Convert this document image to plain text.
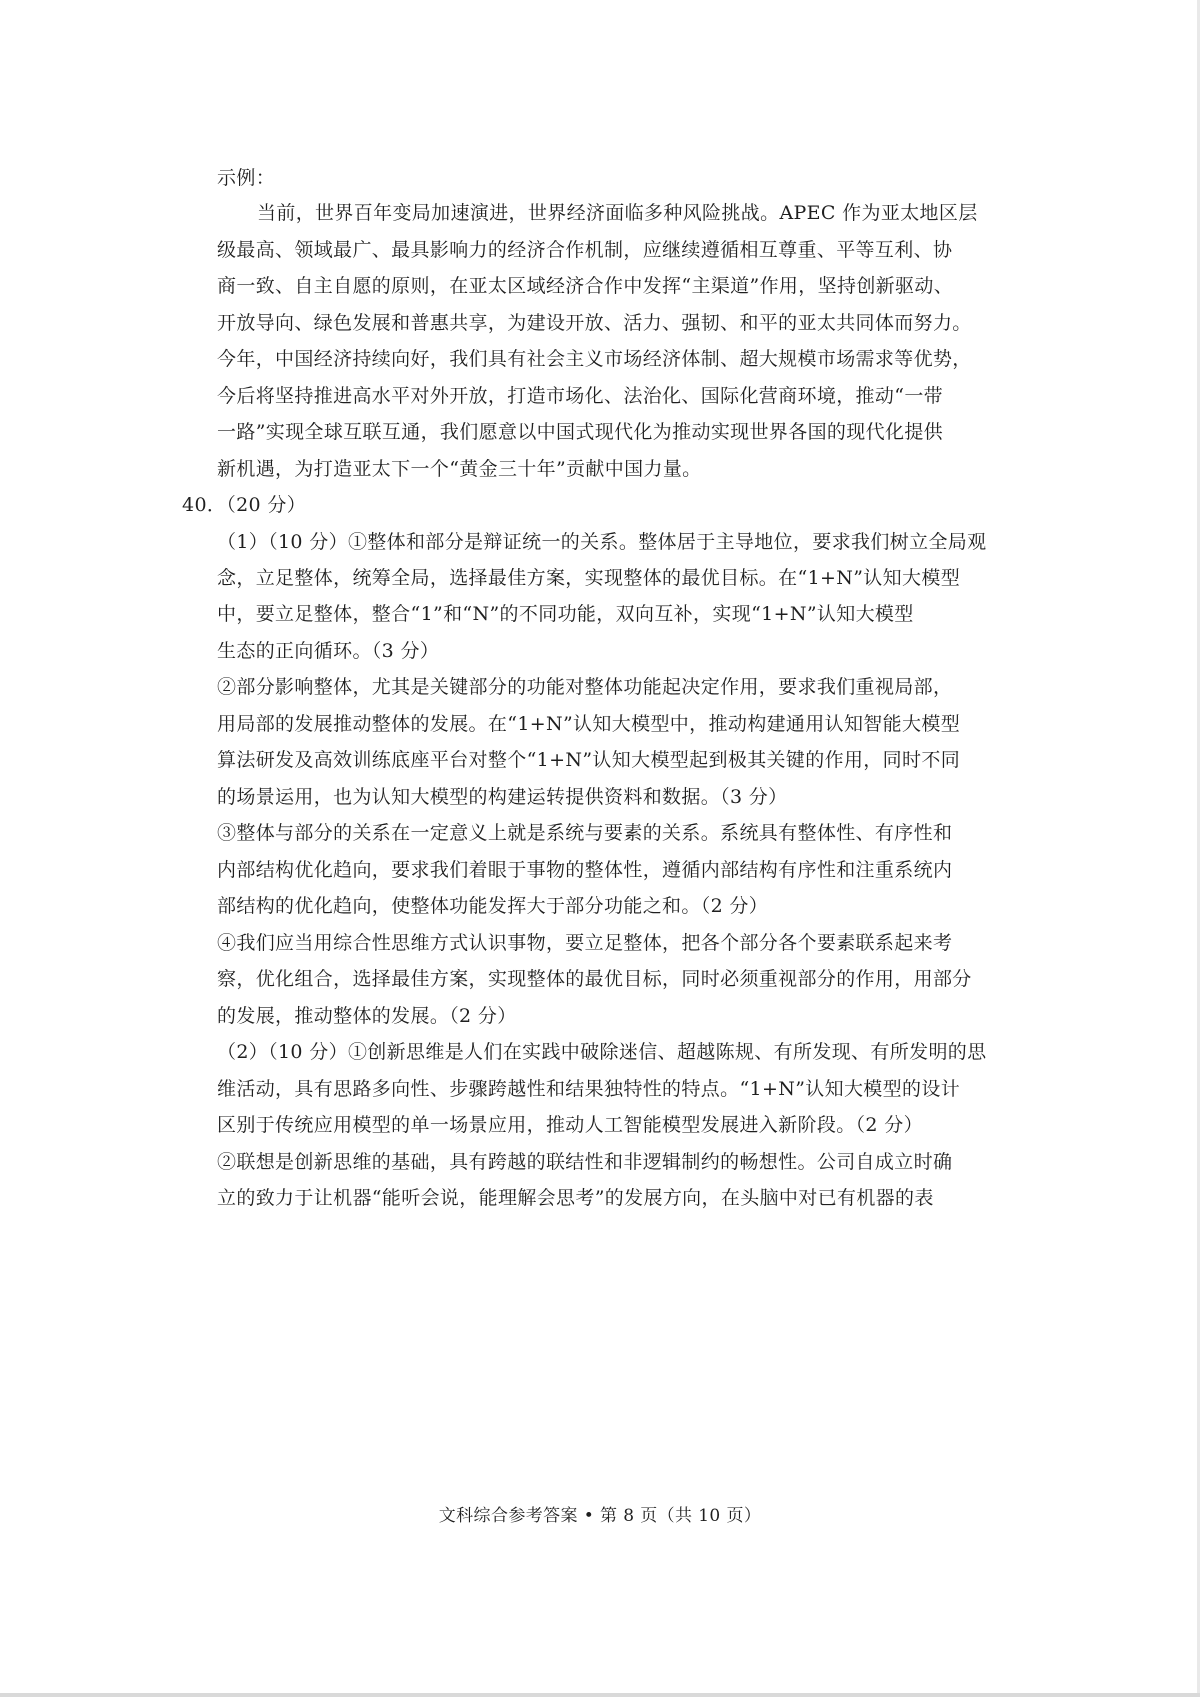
示例：
当前，世界百年变局加速演进，世界经济面临多种风险挑战。APEC 作为亚太地区层
级最高、领域最广、最具影响力的经济合作机制，应继续遵循相互尊重、平等互利、协
商一致、自主自愿的原则，在亚太区域经济合作中发挥“主渠道”作用，坚持创新驱动、
开放导向、绿色发展和普惠共享，为建设开放、活力、强韧、和平的亚太共同体而努力。
今年，中国经济持续向好，我们具有社会主义市场经济体制、超大规模市场需求等优势，
今后将坚持推进高水平对外开放，打造市场化、法治化、国际化营商环境，推动“一带
一路”实现全球互联互通，我们愿意以中国式现代化为推动实现世界各国的现代化提供
新机遇，为打造亚太下一个“黄金三十年”贡献中国力量。
40．（20 分）
（1）（10 分）①整体和部分是辩证统一的关系。整体居于主导地位，要求我们树立全局观
念，立足整体，统筹全局，选择最佳方案，实现整体的最优目标。在“1+N”认知大模型
中，要立足整体，整合“1”和“N”的不同功能，双向互补，实现“1+N”认知大模型
生态的正向循环。（3 分）
②部分影响整体，尤其是关键部分的功能对整体功能起决定作用，要求我们重视局部，
用局部的发展推动整体的发展。在“1+N”认知大模型中，推动构建通用认知智能大模型
算法研发及高效训练底座平台对整个“1+N”认知大模型起到极其关键的作用，同时不同
的场景运用，也为认知大模型的构建运转提供资料和数据。（3 分）
③整体与部分的关系在一定意义上就是系统与要素的关系。系统具有整体性、有序性和
内部结构优化趋向，要求我们着眼于事物的整体性，遵循内部结构有序性和注重系统内
部结构的优化趋向，使整体功能发挥大于部分功能之和。（2 分）
④我们应当用综合性思维方式认识事物，要立足整体，把各个部分各个要素联系起来考
察，优化组合，选择最佳方案，实现整体的最优目标，同时必须重视部分的作用，用部分
的发展，推动整体的发展。（2 分）
（2）（10 分）①创新思维是人们在实践中破除迷信、超越陈规、有所发现、有所发明的思
维活动，具有思路多向性、步骤跨越性和结果独特性的特点。“1+N”认知大模型的设计
区别于传统应用模型的单一场景应用，推动人工智能模型发展进入新阶段。（2 分）
②联想是创新思维的基础，具有跨越的联结性和非逻辑制约的畅想性。公司自成立时确
立的致力于让机器“能听会说，能理解会思考”的发展方向，在头脑中对已有机器的表
文科综合参考答案 • 第 8 页（共 10 页）
